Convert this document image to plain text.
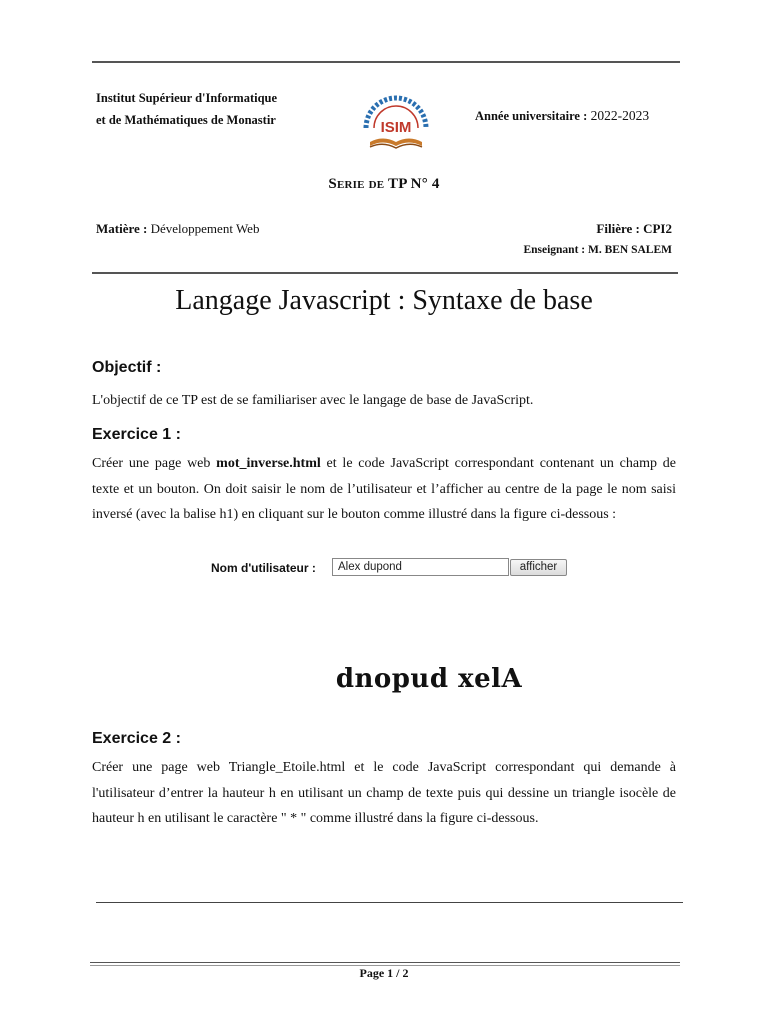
Institut Supérieur d'Informatique
et de Mathématiques de Monastir	ISIM
Année universitaire : 2022-2023
Serie de TP N° 4
Matière : Développement Web	Filière : CPI2
Enseignant : M. BEN SALEM
Langage Javascript : Syntaxe de base
Objectif :
L'objectif de ce TP est de se familiariser avec le langage de base de JavaScript.
Exercice 1 :
Créer une page web mot_inverse.html et le code JavaScript correspondant contenant un champ de texte et un bouton. On doit saisir le nom de l’utilisateur et l’afficher au centre de la page le nom saisi inversé (avec la balise h1) en cliquant sur le bouton comme illustré dans la figure ci-dessous :
Nom d'utilisateur :	Alex dupond	afficher
dnopud xelA
Exercice 2 :
Créer une page web Triangle_Etoile.html et le code JavaScript correspondant qui demande à l'utilisateur d’entrer la hauteur h en utilisant un champ de texte puis qui dessine un triangle isocèle de hauteur h en utilisant le caractère " * " comme illustré dans la figure ci-dessous.
Page 1 / 2
